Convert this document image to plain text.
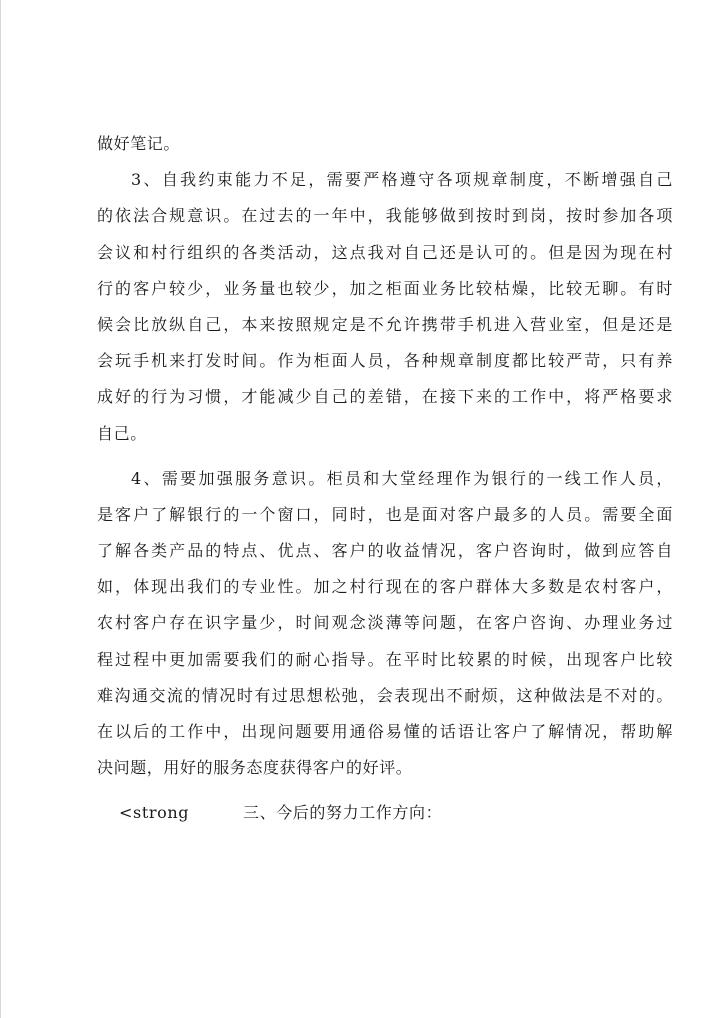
做好笔记。
3、自我约束能力不足，需要严格遵守各项规章制度，不断增强自己
的依法合规意识。在过去的一年中，我能够做到按时到岗，按时参加各项
会议和村行组织的各类活动，这点我对自己还是认可的。但是因为现在村
行的客户较少，业务量也较少，加之柜面业务比较枯燥，比较无聊。有时
候会比放纵自己，本来按照规定是不允许携带手机进入营业室，但是还是
会玩手机来打发时间。作为柜面人员，各种规章制度都比较严苛，只有养
成好的行为习惯，才能减少自己的差错，在接下来的工作中，将严格要求
自己。
4、需要加强服务意识。柜员和大堂经理作为银行的一线工作人员，
是客户了解银行的一个窗口，同时，也是面对客户最多的人员。需要全面
了解各类产品的特点、优点、客户的收益情况，客户咨询时，做到应答自
如，体现出我们的专业性。加之村行现在的客户群体大多数是农村客户，
农村客户存在识字量少，时间观念淡薄等问题，在客户咨询、办理业务过
程过程中更加需要我们的耐心指导。在平时比较累的时候，出现客户比较
难沟通交流的情况时有过思想松弛，会表现出不耐烦，这种做法是不对的。
在以后的工作中，出现问题要用通俗易懂的话语让客户了解情况，帮助解
决问题，用好的服务态度获得客户的好评。
<strong	三、今后的努力工作方向：
